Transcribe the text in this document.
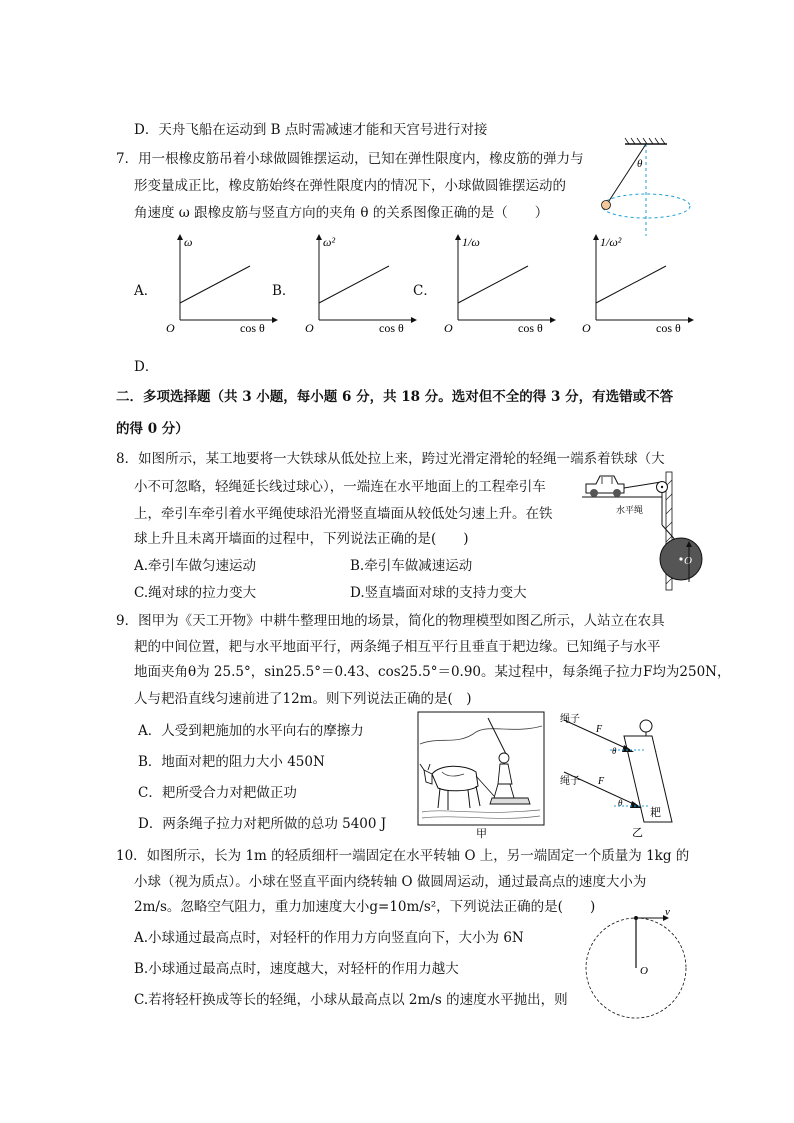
D．天舟飞船在运动到 B 点时需减速才能和天宫号进行对接
7．用一根橡皮筋吊着小球做圆锥摆运动，已知在弹性限度内，橡皮筋的弹力与
形变量成正比，橡皮筋始终在弹性限度内的情况下，小球做圆锥摆运动的
角速度 ω 跟橡皮筋与竖直方向的夹角 θ 的关系图像正确的是（　　）
θ
A．	B．	C．
D．
ω
cos θ
O
ω²
cos θ
O
1/ω
cos θ
O
1/ω²
cos θ
O
二．多项选择题（共 3 小题，每小题 6 分，共 18 分。选对但不全的得 3 分，有选错或不答
的得 0 分）
8．如图所示，某工地要将一大铁球从低处拉上来，跨过光滑定滑轮的轻绳一端系着铁球（大
小不可忽略，轻绳延长线过球心），一端连在水平地面上的工程牵引车
上，牵引车牵引着水平绳使球沿光滑竖直墙面从较低处匀速上升。在铁
球上升且未离开墙面的过程中，下列说法正确的是(　　)
A.牵引车做匀速运动	B.牵引车做减速运动
C.绳对球的拉力变大	D.竖直墙面对球的支持力变大
O
水平绳
9．图甲为《天工开物》中耕牛整理田地的场景，简化的物理模型如图乙所示，人站立在农具
耙的中间位置，耙与水平地面平行，两条绳子相互平行且垂直于耙边缘。已知绳子与水平
地面夹角θ为 25.5°，sin25.5°＝0.43、cos25.5°＝0.90。某过程中，每条绳子拉力F均为250N，
人与耙沿直线匀速前进了12m。则下列说法正确的是(　)
A．人受到耙施加的水平向右的摩擦力
B．地面对耙的阻力大小 450N
C．耙所受合力对耙做正功
D．两条绳子拉力对耙所做的总功 5400 J
甲
绳子
绳子
F
F
θ
θ
耙
乙
10．如图所示，长为 1m 的轻质细杆一端固定在水平转轴 O 上，另一端固定一个质量为 1kg 的
小球（视为质点）。小球在竖直平面内绕转轴 O 做圆周运动，通过最高点的速度大小为
2m/s。忽略空气阻力，重力加速度大小g=10m/s²，下列说法正确的是(　　)
A.小球通过最高点时，对轻杆的作用力方向竖直向下，大小为 6N
B.小球通过最高点时，速度越大，对轻杆的作用力越大
C.若将轻杆换成等长的轻绳，小球从最高点以 2m/s 的速度水平抛出，则
v
O
